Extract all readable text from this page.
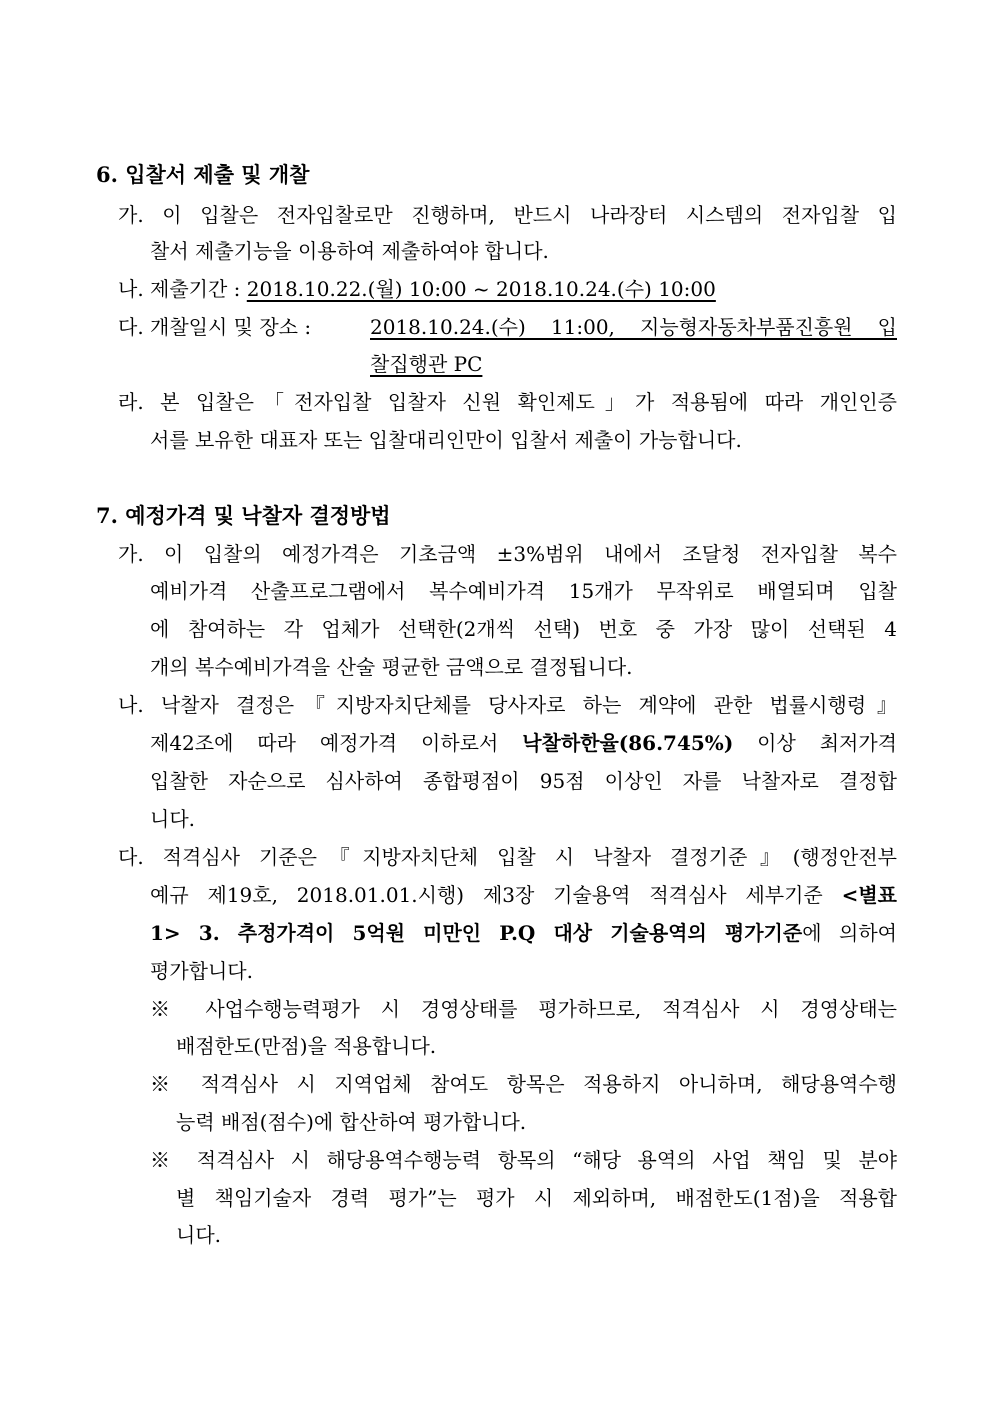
6. 입찰서 제출 및 개찰
가. 이 입찰은 전자입찰로만 진행하며, 반드시 나라장터 시스템의 전자입찰 입
찰서 제출기능을 이용하여 제출하여야 합니다.
나. 제출기간 : 2018.10.22.(월) 10:00 ~ 2018.10.24.(수) 10:00
다. 개찰일시 및 장소 :	2018.10.24.(수) 11:00, 지능형자동차부품진흥원 입
찰집행관 PC
라. 본 입찰은「전자입찰 입찰자 신원 확인제도」가 적용됨에 따라 개인인증
서를 보유한 대표자 또는 입찰대리인만이 입찰서 제출이 가능합니다.
7. 예정가격 및 낙찰자 결정방법
가. 이 입찰의 예정가격은 기초금액 ±3%범위 내에서 조달청 전자입찰 복수
예비가격 산출프로그램에서 복수예비가격 15개가 무작위로 배열되며 입찰
에 참여하는 각 업체가 선택한(2개씩 선택) 번호 중 가장 많이 선택된 4
개의 복수예비가격을 산술 평균한 금액으로 결정됩니다.
나. 낙찰자 결정은『지방자치단체를 당사자로 하는 계약에 관한 법률시행령』
제42조에 따라 예정가격 이하로서 낙찰하한율(86.745%) 이상 최저가격
입찰한 자순으로 심사하여 종합평점이 95점 이상인 자를 낙찰자로 결정합
니다.
다. 적격심사 기준은『지방자치단체 입찰 시 낙찰자 결정기준』(행정안전부
예규 제19호, 2018.01.01.시행) 제3장 기술용역 적격심사 세부기준 <별표
1> 3. 추정가격이 5억원 미만인 P.Q 대상 기술용역의 평가기준에 의하여
평가합니다.
※ 사업수행능력평가 시 경영상태를 평가하므로, 적격심사 시 경영상태는
배점한도(만점)을 적용합니다.
※ 적격심사 시 지역업체 참여도 항목은 적용하지 아니하며, 해당용역수행
능력 배점(점수)에 합산하여 평가합니다.
※ 적격심사 시 해당용역수행능력 항목의 “해당 용역의 사업 책임 및 분야
별 책임기술자 경력 평가”는 평가 시 제외하며, 배점한도(1점)을 적용합
니다.
